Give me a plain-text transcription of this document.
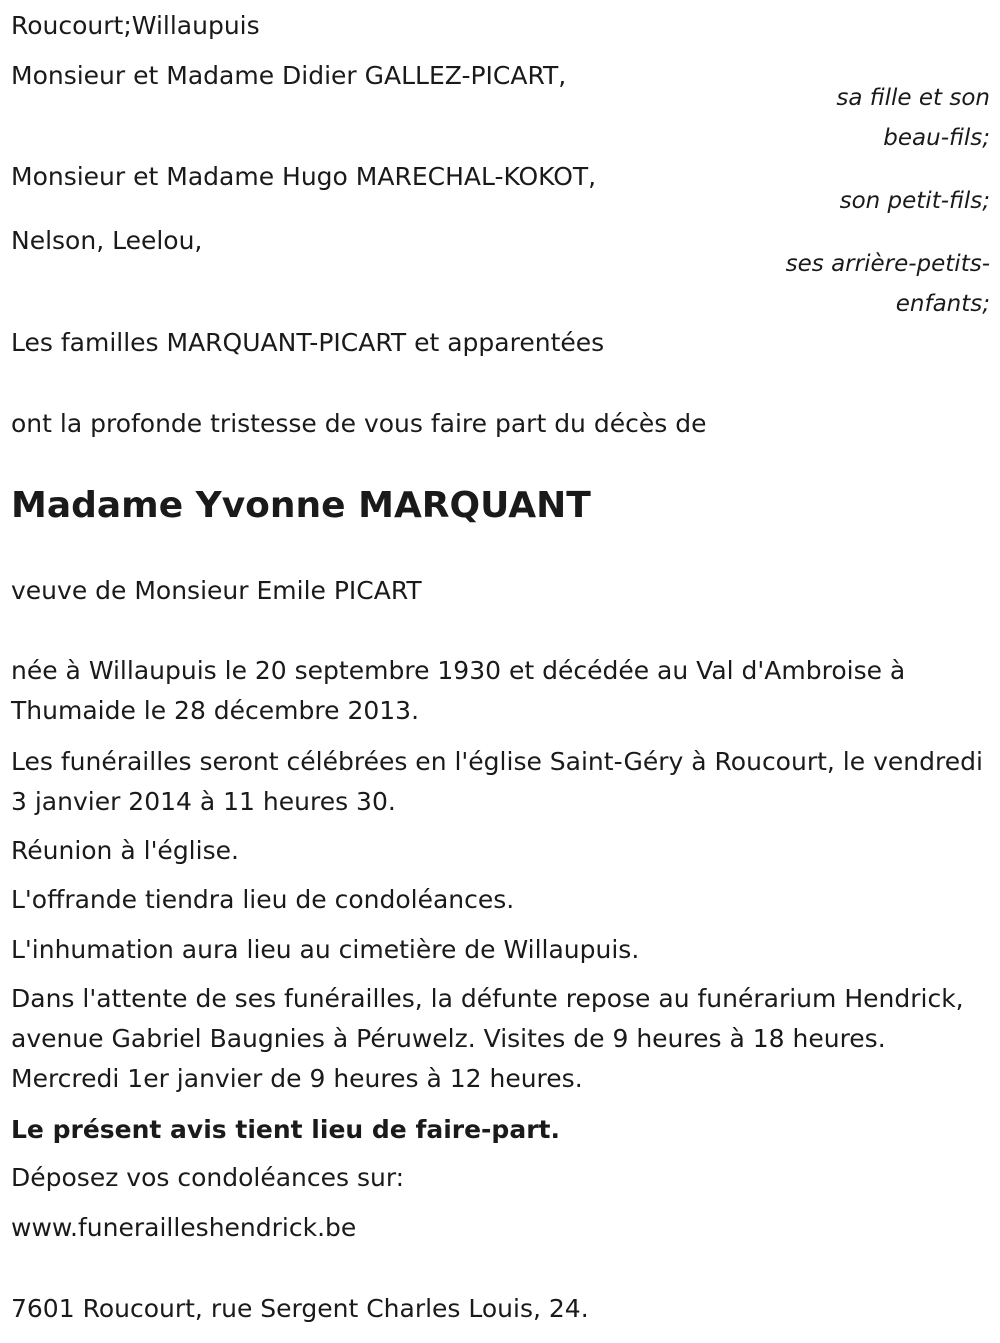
Roucourt;Willaupuis
Monsieur et Madame Didier GALLEZ-PICART,
sa fille et son
beau-fils;
Monsieur et Madame Hugo MARECHAL-KOKOT,
son petit-fils;
Nelson, Leelou,
ses arrière-petits-
enfants;
Les familles MARQUANT-PICART et apparentées
ont la profonde tristesse de vous faire part du décès de
Madame Yvonne MARQUANT
veuve de Monsieur Emile PICART
née à Willaupuis le 20 septembre 1930 et décédée au Val d'Ambroise à Thumaide le 28 décembre 2013.
Les funérailles seront célébrées en l'église Saint-Géry à Roucourt, le vendredi 3 janvier 2014 à 11 heures 30.
Réunion à l'église.
L'offrande tiendra lieu de condoléances.
L'inhumation aura lieu au cimetière de Willaupuis.
Dans l'attente de ses funérailles, la défunte repose au funérarium Hendrick, avenue Gabriel Baugnies à Péruwelz. Visites de 9 heures à 18 heures. Mercredi 1er janvier de 9 heures à 12 heures.
Le présent avis tient lieu de faire-part.
Déposez vos condoléances sur:
www.funerailleshendrick.be
7601 Roucourt, rue Sergent Charles Louis, 24.
